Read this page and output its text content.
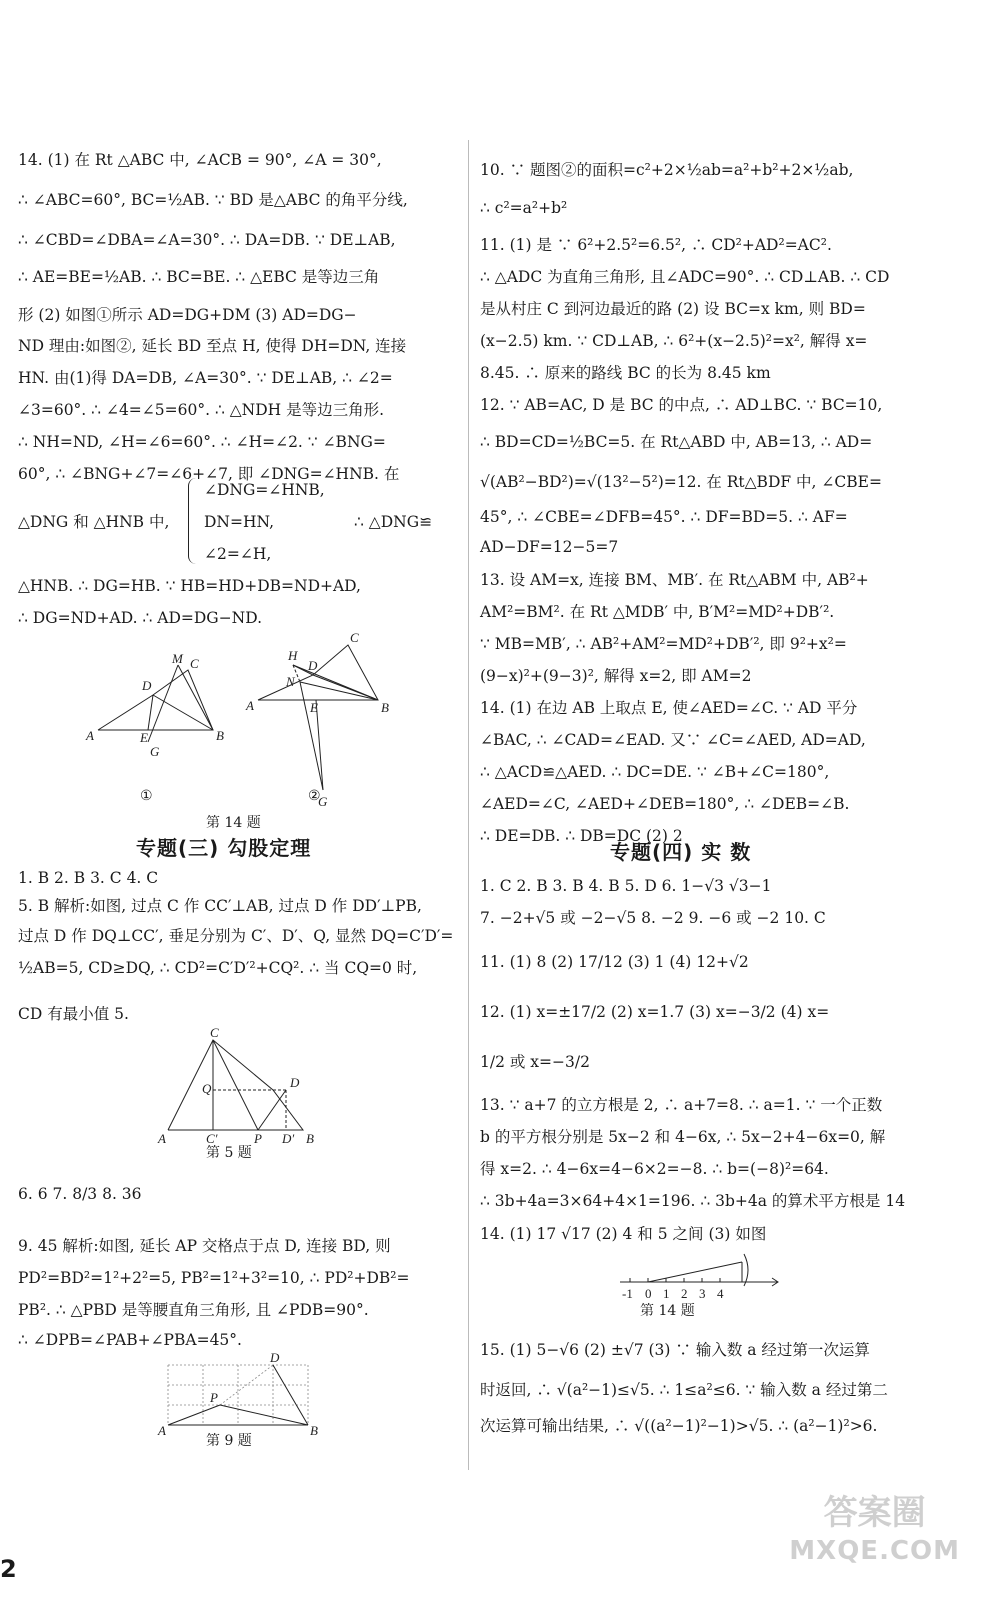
14. (1) 在 Rt △ABC 中, ∠ACB = 90°, ∠A = 30°,
∴ ∠ABC=60°, BC=½AB. ∵ BD 是△ABC 的角平分线,
∴ ∠CBD=∠DBA=∠A=30°. ∴ DA=DB. ∵ DE⊥AB,
∴ AE=BE=½AB. ∴ BC=BE. ∴ △EBC 是等边三角
形 (2) 如图①所示 AD=DG+DM (3) AD=DG−
ND 理由:如图②, 延长 BD 至点 H, 使得 DH=DN, 连接
HN. 由(1)得 DA=DB, ∠A=30°. ∵ DE⊥AB, ∴ ∠2=
∠3=60°. ∴ ∠4=∠5=60°. ∴ △NDH 是等边三角形.
∴ NH=ND, ∠H=∠6=60°. ∴ ∠H=∠2. ∵ ∠BNG=
60°, ∴ ∠BNG+∠7=∠6+∠7, 即 ∠DNG=∠HNB. 在
△DNG 和 △HNB 中,
∠DNG=∠HNB,
DN=HN,
∠2=∠H,
∴ △DNG≌
△HNB. ∴ DG=HB. ∵ HB=HD+DB=ND+AD,
∴ DG=ND+AD. ∴ AD=DG−ND.
A	B
C
D
E
G
M
A	B
C
D
H
N
E
G
①	②
第 14 题
专题(三) 勾股定理
1. B 2. B 3. C 4. C
5. B 解析:如图, 过点 C 作 CC′⊥AB, 过点 D 作 DD′⊥PB,
过点 D 作 DQ⊥CC′, 垂足分别为 C′、D′、Q, 显然 DQ=C′D′=
½AB=5, CD≥DQ, ∴ CD²=C′D′²+CQ². ∴ 当 CQ=0 时,
CD 有最小值 5.
A	B
C
D
Q
C′	P D′
第 5 题
6. 6 7. 8/3 8. 36
9. 45 解析:如图, 延长 AP 交格点于点 D, 连接 BD, 则
PD²=BD²=1²+2²=5, PB²=1²+3²=10, ∴ PD²+DB²=
PB². ∴ △PBD 是等腰直角三角形, 且 ∠PDB=90°.
∴ ∠DPB=∠PAB+∠PBA=45°.
A	B
P
D
第 9 题
10. ∵ 题图②的面积=c²+2×½ab=a²+b²+2×½ab,
∴ c²=a²+b²
11. (1) 是 ∵ 6²+2.5²=6.5², ∴ CD²+AD²=AC².
∴ △ADC 为直角三角形, 且∠ADC=90°. ∴ CD⊥AB. ∴ CD
是从村庄 C 到河边最近的路 (2) 设 BC=x km, 则 BD=
(x−2.5) km. ∵ CD⊥AB, ∴ 6²+(x−2.5)²=x², 解得 x=
8.45. ∴ 原来的路线 BC 的长为 8.45 km
12. ∵ AB=AC, D 是 BC 的中点, ∴ AD⊥BC. ∵ BC=10,
∴ BD=CD=½BC=5. 在 Rt△ABD 中, AB=13, ∴ AD=
√(AB²−BD²)=√(13²−5²)=12. 在 Rt△BDF 中, ∠CBE=
45°, ∴ ∠CBE=∠DFB=45°. ∴ DF=BD=5. ∴ AF=
AD−DF=12−5=7
13. 设 AM=x, 连接 BM、MB′. 在 Rt△ABM 中, AB²+
AM²=BM². 在 Rt △MDB′ 中, B′M²=MD²+DB′².
∵ MB=MB′, ∴ AB²+AM²=MD²+DB′², 即 9²+x²=
(9−x)²+(9−3)², 解得 x=2, 即 AM=2
14. (1) 在边 AB 上取点 E, 使∠AED=∠C. ∵ AD 平分
∠BAC, ∴ ∠CAD=∠EAD. 又∵ ∠C=∠AED, AD=AD,
∴ △ACD≌△AED. ∴ DC=DE. ∵ ∠B+∠C=180°,
∠AED=∠C, ∠AED+∠DEB=180°, ∴ ∠DEB=∠B.
∴ DE=DB. ∴ DB=DC (2) 2
专题(四) 实 数
1. C 2. B 3. B 4. B 5. D 6. 1−√3 √3−1
7. −2+√5 或 −2−√5 8. −2 9. −6 或 −2 10. C
11. (1) 8 (2) 17/12 (3) 1 (4) 12+√2
12. (1) x=±17/2 (2) x=1.7 (3) x=−3/2 (4) x=
1/2 或 x=−3/2
13. ∵ a+7 的立方根是 2, ∴ a+7=8. ∴ a=1. ∵ 一个正数
b 的平方根分别是 5x−2 和 4−6x, ∴ 5x−2+4−6x=0, 解
得 x=2. ∴ 4−6x=4−6×2=−8. ∴ b=(−8)²=64.
∴ 3b+4a=3×64+4×1=196. ∴ 3b+4a 的算术平方根是 14
14. (1) 17 √17 (2) 4 和 5 之间 (3) 如图
-1 0 1 2 3 4
第 14 题
15. (1) 5−√6 (2) ±√7 (3) ∵ 输入数 a 经过第一次运算
时返回, ∴ √(a²−1)≤√5. ∴ 1≤a²≤6. ∵ 输入数 a 经过第二
次运算可输出结果, ∴ √((a²−1)²−1)>√5. ∴ (a²−1)²>6.
2
答案圈
MXQE.COM
